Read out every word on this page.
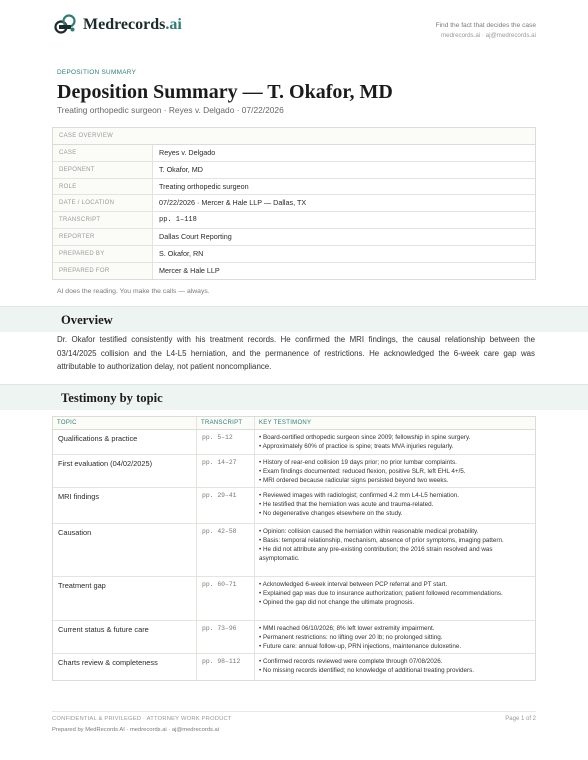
Medrecords.ai	Find the fact that decides the case
medrecords.ai · aj@medrecords.ai
DEPOSITION SUMMARY
Deposition Summary — T. Okafor, MD
Treating orthopedic surgeon · Reyes v. Delgado · 07/22/2026
CASE OVERVIEW
CASE	Reyes v. Delgado
DEPONENT	T. Okafor, MD
ROLE	Treating orthopedic surgeon
DATE / LOCATION	07/22/2026 · Mercer & Hale LLP — Dallas, TX
TRANSCRIPT	pp. 1–118
REPORTER	Dallas Court Reporting
PREPARED BY	S. Okafor, RN
PREPARED FOR	Mercer & Hale LLP
AI does the reading. You make the calls — always.
Overview
Dr. Okafor testified consistently with his treatment records. He confirmed the MRI findings, the causal relationship between the 03/14/2025 collision and the L4-L5 herniation, and the permanence of restrictions. He acknowledged the 6-week care gap was attributable to authorization delay, not patient noncompliance.
Testimony by topic
TOPIC	TRANSCRIPT	KEY TESTIMONY
Qualifications & practice	pp. 5–12	• Board-certified orthopedic surgeon since 2009; fellowship in spine surgery.
• Approximately 60% of practice is spine; treats MVA injuries regularly.
First evaluation (04/02/2025)	pp. 14–27	• History of rear-end collision 19 days prior; no prior lumbar complaints.
• Exam findings documented: reduced flexion, positive SLR, left EHL 4+/5.
• MRI ordered because radicular signs persisted beyond two weeks.
MRI findings	pp. 29–41	• Reviewed images with radiologist; confirmed 4.2 mm L4-L5 herniation.
• He testified that the herniation was acute and trauma-related.
• No degenerative changes elsewhere on the study.
Causation	pp. 42–58	• Opinion: collision caused the herniation within reasonable medical probability.
• Basis: temporal relationship, mechanism, absence of prior symptoms, imaging pattern.
• He did not attribute any pre-existing contribution; the 2016 strain resolved and was asymptomatic.
Treatment gap	pp. 60–71	• Acknowledged 6-week interval between PCP referral and PT start.
• Explained gap was due to insurance authorization; patient followed recommendations.
• Opined the gap did not change the ultimate prognosis.
Current status & future care	pp. 73–96	• MMI reached 06/10/2026; 8% left lower extremity impairment.
• Permanent restrictions: no lifting over 20 lb; no prolonged sitting.
• Future care: annual follow-up, PRN injections, maintenance duloxetine.
Charts review & completeness	pp. 98–112	• Confirmed records reviewed were complete through 07/08/2026.
• No missing records identified; no knowledge of additional treating providers.
CONFIDENTIAL & PRIVILEGED · ATTORNEY WORK PRODUCT
Prepared by MedRecords AI · medrecords.ai · aj@medrecords.ai
Page 1 of 2
